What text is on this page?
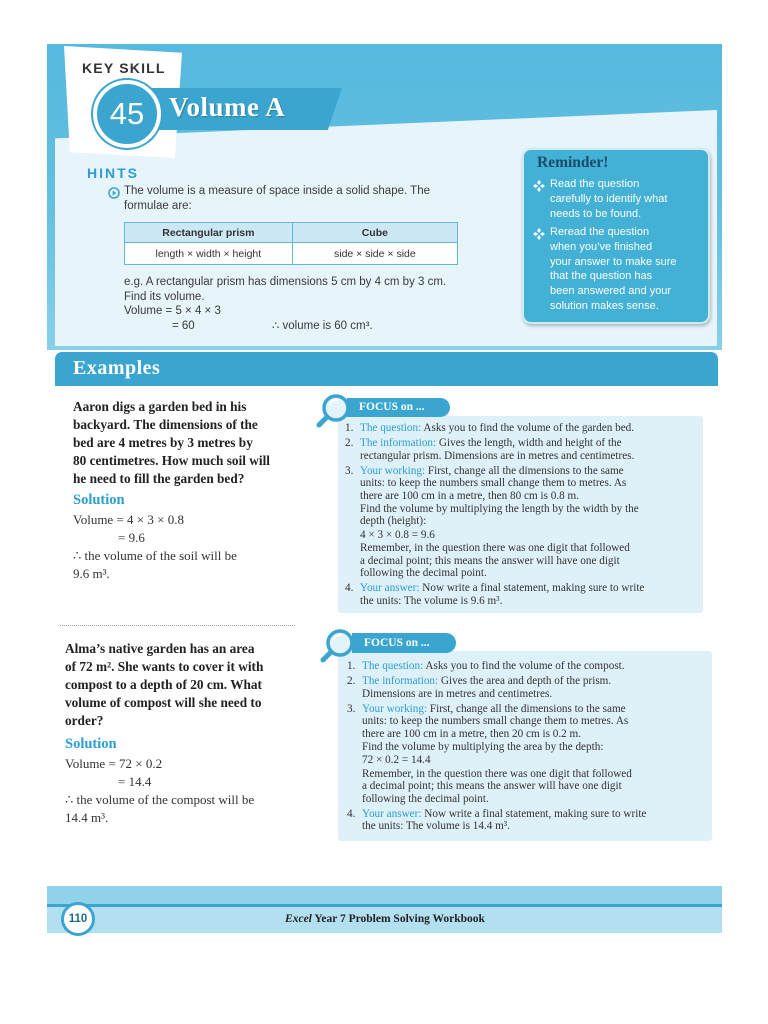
KEY SKILL
Volume A
45
HINTS
The volume is a measure of space inside a solid shape. The
formulae are:
Rectangular prism	Cube
length × width × height	side × side × side
e.g. A rectangular prism has dimensions 5 cm by 4 cm by 3 cm.
Find its volume.
Volume = 5 × 4 × 3
= 60	∴ volume is 60 cm³.
Reminder!
Read the question
carefully to identify what
needs to be found.
Reread the question
when you’ve finished
your answer to make sure
that the question has
been answered and your
solution makes sense.
Examples
Aaron digs a garden bed in his
backyard. The dimensions of the
bed are 4 metres by 3 metres by
80 centimetres. How much soil will
he need to fill the garden bed?
Solution
Volume = 4 × 3 × 0.8
= 9.6
∴ the volume of the soil will be
9.6 m³.
FOCUS on ...
1. The question: Asks you to find the volume of the garden bed.
2. The information: Gives the length, width and height of the
rectangular prism. Dimensions are in metres and centimetres.
3. Your working: First, change all the dimensions to the same
units: to keep the numbers small change them to metres. As
there are 100 cm in a metre, then 80 cm is 0.8 m.
Find the volume by multiplying the length by the width by the
depth (height):
4 × 3 × 0.8 = 9.6
Remember, in the question there was one digit that followed
a decimal point; this means the answer will have one digit
following the decimal point.
4. Your answer: Now write a final statement, making sure to write
the units: The volume is 9.6 m³.
Alma’s native garden has an area
of 72 m². She wants to cover it with
compost to a depth of 20 cm. What
volume of compost will she need to
order?
Solution
Volume = 72 × 0.2
= 14.4
∴ the volume of the compost will be
14.4 m³.
FOCUS on ...
1. The question: Asks you to find the volume of the compost.
2. The information: Gives the area and depth of the prism.
Dimensions are in metres and centimetres.
3. Your working: First, change all the dimensions to the same
units: to keep the numbers small change them to metres. As
there are 100 cm in a metre, then 20 cm is 0.2 m.
Find the volume by multiplying the area by the depth:
72 × 0.2 = 14.4
Remember, in the question there was one digit that followed
a decimal point; this means the answer will have one digit
following the decimal point.
4. Your answer: Now write a final statement, making sure to write
the units: The volume is 14.4 m³.
110	Excel Year 7 Problem Solving Workbook
